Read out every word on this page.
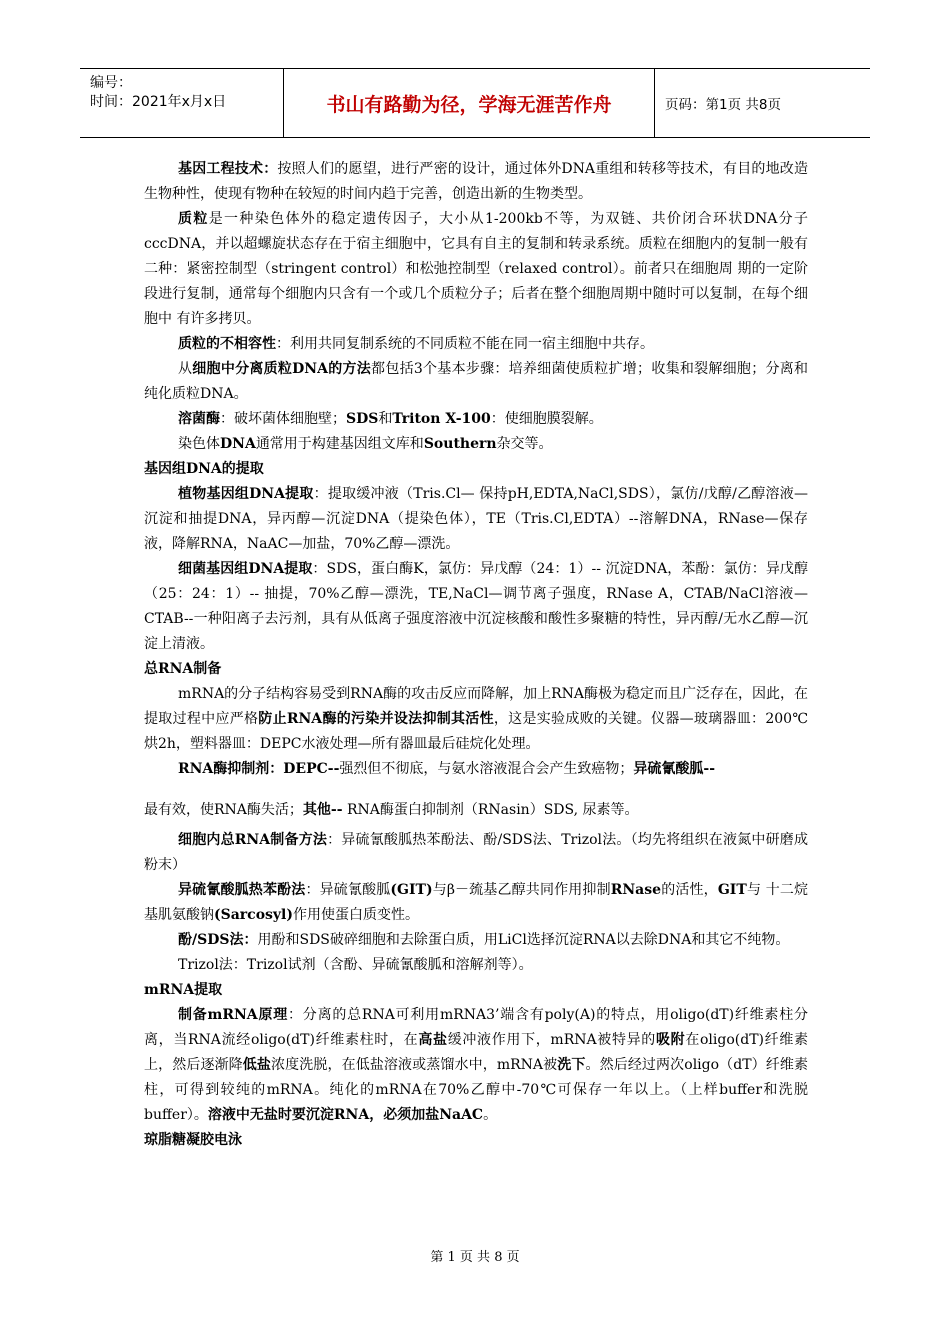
编号：
时间：2021年x月x日	书山有路勤为径，学海无涯苦作舟	页码：第1页 共8页

基因工程技术：按照人们的愿望，进行严密的设计，通过体外DNA重组和转移等技术，有目的地改造生物种性，使现有物种在较短的时间内趋于完善，创造出新的生物类型。

质粒是一种染色体外的稳定遗传因子，大小从1-200kb不等，为双链、共价闭合环状DNA分子cccDNA，并以超螺旋状态存在于宿主细胞中，它具有自主的复制和转录系统。质粒在细胞内的复制一般有二种：紧密控制型（stringent control）和松弛控制型（relaxed control）。前者只在细胞周 期的一定阶段进行复制，通常每个细胞内只含有一个或几个质粒分子；后者在整个细胞周期中随时可以复制，在每个细胞中 有许多拷贝。

质粒的不相容性：利用共同复制系统的不同质粒不能在同一宿主细胞中共存。

从细胞中分离质粒DNA的方法都包括3个基本步骤：培养细菌使质粒扩增；收集和裂解细胞；分离和纯化质粒DNA。

溶菌酶：破坏菌体细胞壁；SDS和Triton X-100：使细胞膜裂解。

染色体DNA通常用于构建基因组文库和Southern杂交等。

基因组DNA的提取

植物基因组DNA提取：提取缓冲液（Tris.Cl— 保持pH,EDTA,NaCl,SDS），氯仿/戊醇/乙醇溶液—沉淀和抽提DNA，异丙醇—沉淀DNA（提染色体），TE（Tris.Cl,EDTA）--溶解DNA，RNase—保存液，降解RNA，NaAC—加盐，70%乙醇—漂洗。

细菌基因组DNA提取：SDS，蛋白酶K，氯仿：异戊醇（24：1）-- 沉淀DNA，苯酚：氯仿：异戊醇（25：24：1）-- 抽提，70%乙醇—漂洗，TE,NaCl—调节离子强度，RNase A，CTAB/NaCl溶液—CTAB--一种阳离子去污剂，具有从低离子强度溶液中沉淀核酸和酸性多聚糖的特性，异丙醇/无水乙醇—沉淀上清液。

总RNA制备

mRNA的分子结构容易受到RNA酶的攻击反应而降解，加上RNA酶极为稳定而且广泛存在，因此，在提取过程中应严格防止RNA酶的污染并设法抑制其活性，这是实验成败的关键。仪器—玻璃器皿：200℃烘2h，塑料器皿：DEPC水液处理—所有器皿最后硅烷化处理。

RNA酶抑制剂：DEPC--强烈但不彻底，与氨水溶液混合会产生致癌物；异硫氰酸胍--

最有效，使RNA酶失活；其他-- RNA酶蛋白抑制剂（RNasin）SDS, 尿素等。

细胞内总RNA制备方法：异硫氰酸胍热苯酚法、酚/SDS法、Trizol法。（均先将组织在液氮中研磨成粉末）

异硫氰酸胍热苯酚法：异硫氰酸胍(GIT)与β－巯基乙醇共同作用抑制RNase的活性，GIT与 十二烷基肌氨酸钠(Sarcosyl)作用使蛋白质变性。

酚/SDS法：用酚和SDS破碎细胞和去除蛋白质，用LiCl选择沉淀RNA以去除DNA和其它不纯物。

Trizol法：Trizol试剂（含酚、异硫氰酸胍和溶解剂等）。

mRNA提取

制备mRNA原理：分离的总RNA可利用mRNA3’端含有poly(A)的特点，用oligo(dT)纤维素柱分离，当RNA流经oligo(dT)纤维素柱时，在高盐缓冲液作用下，mRNA被特异的吸附在oligo(dT)纤维素上，然后逐渐降低盐浓度洗脱，在低盐溶液或蒸馏水中，mRNA被洗下。然后经过两次oligo（dT）纤维素柱，可得到较纯的mRNA。纯化的mRNA在70%乙醇中-70℃可保存一年以上。（上样buffer和洗脱buffer）。溶液中无盐时要沉淀RNA，必须加盐NaAC。

琼脂糖凝胶电泳
第 1 页 共 8 页
